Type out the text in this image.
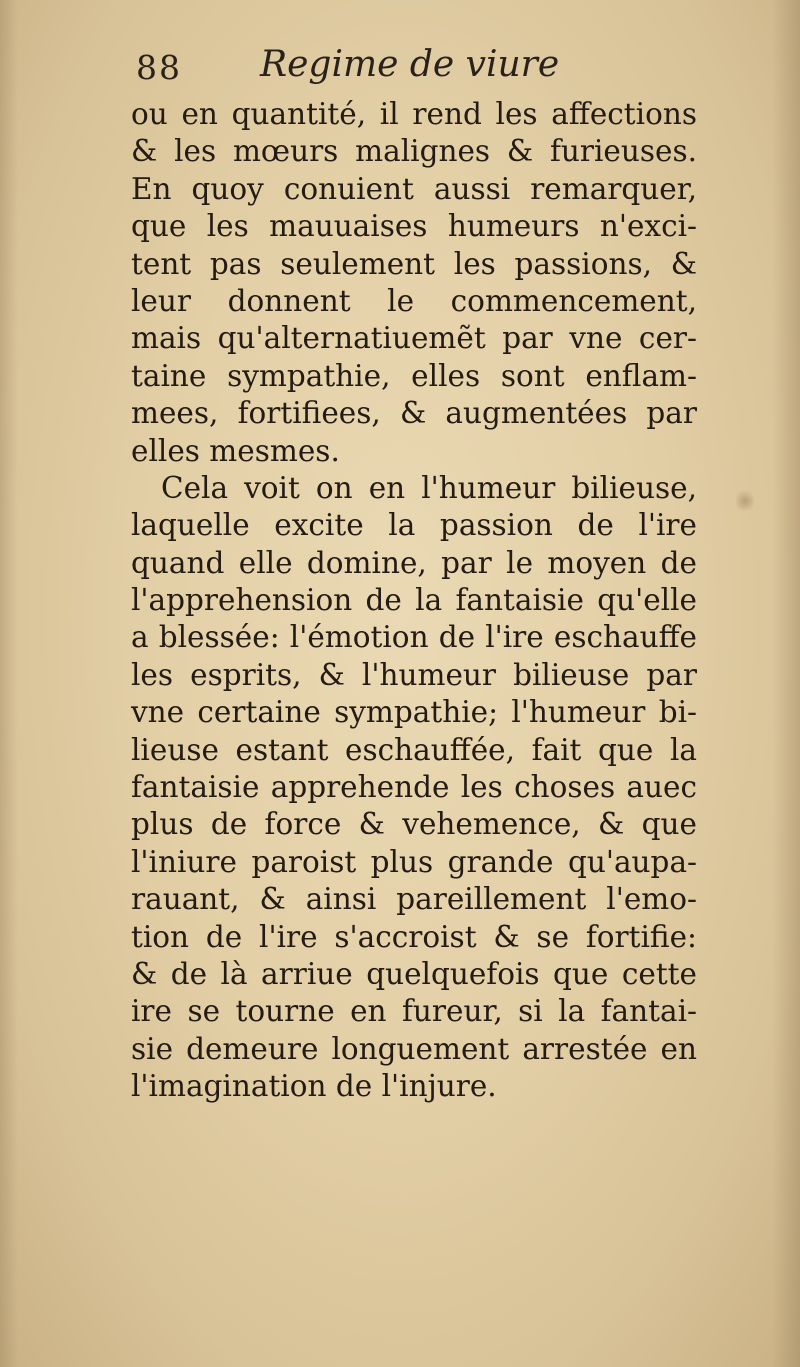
88 Regime de viure
ou en quantité, il rend les affections
& les mœurs malignes & furieuses.
En quoy conuient aussi remarquer,
que les mauuaises humeurs n'exci-
tent pas seulement les passions, &
leur donnent le commencement,
mais qu'alternatiuemẽt par vne cer-
taine sympathie, elles sont enflam-
mees, fortifiees, & augmentées par
elles mesmes.
Cela voit on en l'humeur bilieuse,
laquelle excite la passion de l'ire
quand elle domine, par le moyen de
l'apprehension de la fantaisie qu'elle
a blessée: l'émotion de l'ire eschauffe
les esprits, & l'humeur bilieuse par
vne certaine sympathie; l'humeur bi-
lieuse estant eschauffée, fait que la
fantaisie apprehende les choses auec
plus de force & vehemence, & que
l'iniure paroist plus grande qu'aupa-
rauant, & ainsi pareillement l'emo-
tion de l'ire s'accroist & se fortifie:
& de là arriue quelquefois que cette
ire se tourne en fureur, si la fantai-
sie demeure longuement arrestée en
l'imagination de l'injure.
